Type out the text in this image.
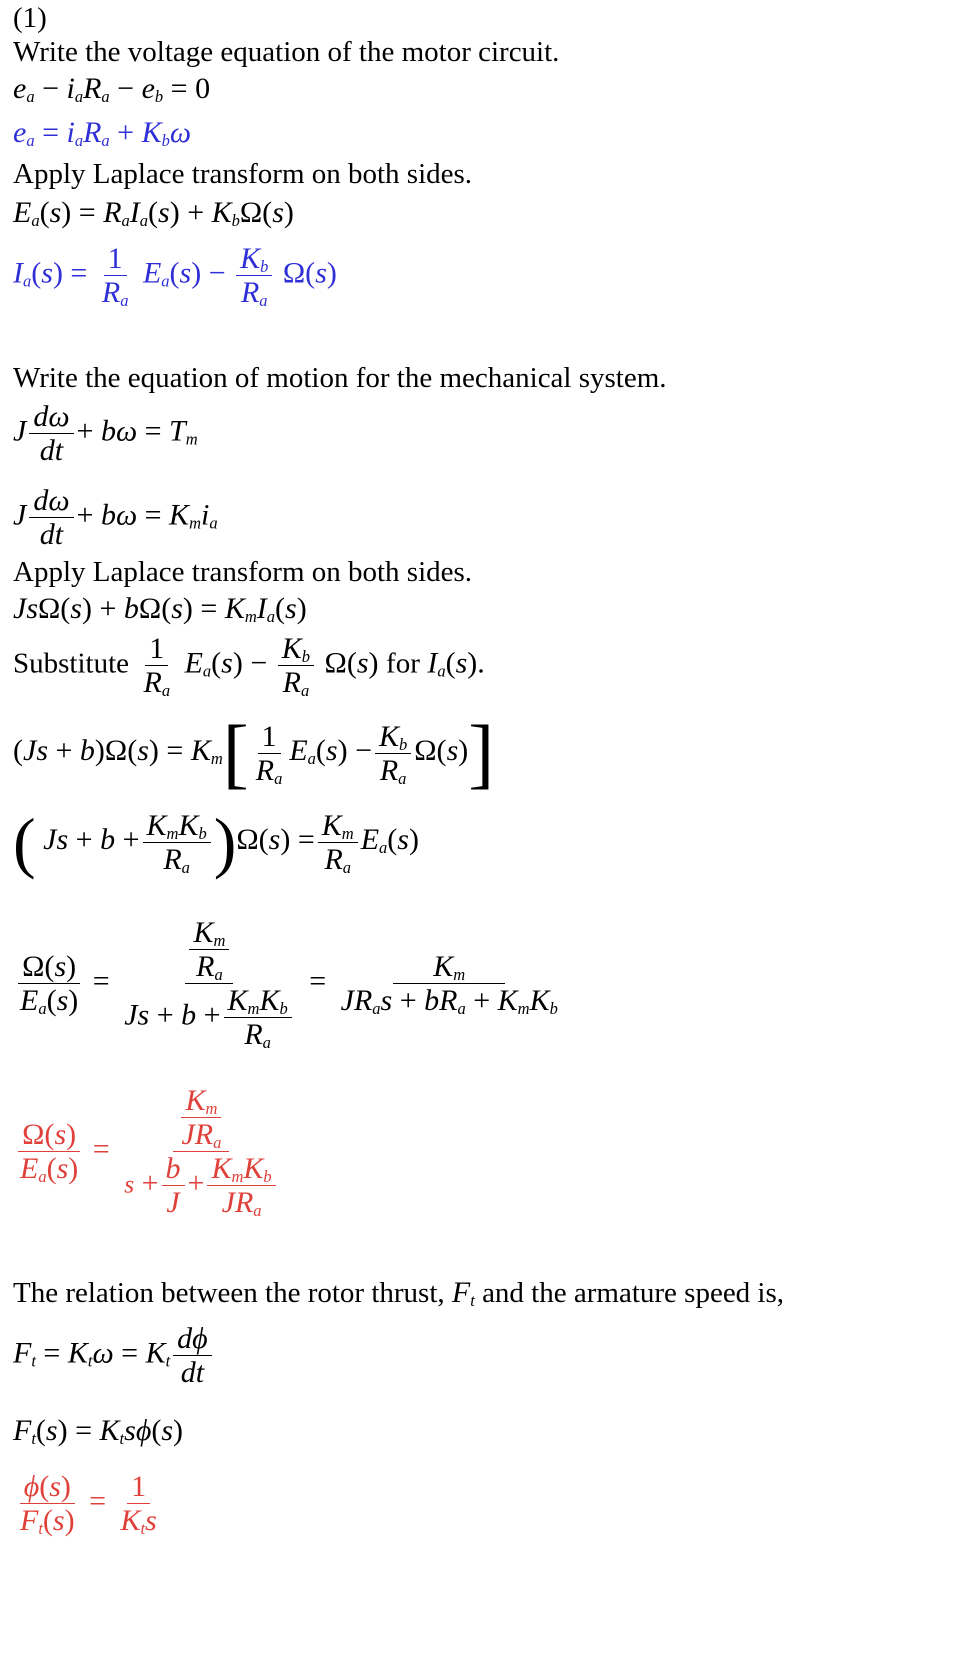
(1)
Write the voltage equation of the motor circuit.
$e_a - i_aR_a - e_b = 0$
$e_a = i_aR_a + K_b\omega$
Apply Laplace transform on both sides.
$E_a(s) = R_aI_a(s) + K_b\Omega(s)$
$I_a(s) = \frac{1}{R_a} E_a(s) - \frac{K_b}{R_a} \Omega(s)$
Write the equation of motion for the mechanical system.
J $\frac{d\omega}{dt} + b\omega = T_m$
J $\frac{d\omega}{dt} + b\omega = K_mi_a$
Apply Laplace transform on both sides.
$Js\Omega(s) + b\Omega(s) = K_mI_a(s)$
Substitute $\frac{1}{R_a} E_a(s) - \frac{K_b}{R_a} \Omega(s)$ for $I_a(s)$.
$(Js + b)\Omega(s) = K_m[ \frac{1}{R_a} E_a(s) - \frac{K_b}{R_a} \Omega(s)]$
( $Js + b + \frac{K_mK_b}{R_a} )\Omega(s) = \frac{K_m}{R_a} E_a(s)$
$\frac{\Omega(s)}{E_a(s)} = \frac{\frac{K_m}{R_a}}{Js + b + \frac{K_mK_b}{R_a}} = \frac{K_m}{JR_as + bR_a + K_mK_b}$
$\frac{\Omega(s)}{E_a(s)} = \frac{\frac{K_m}{JR_a}}{s + \frac{b}{J} + \frac{K_mK_b}{JR_a}}$
The relation between the rotor thrust, $F_t$ and the armature speed is,
$F_t = K_t\omega = K_t \frac{d\phi}{dt}$
$F_t(s) = K_ts\phi(s)$
$\frac{\phi(s)}{F_t(s)} = \frac{1}{K_ts}$
